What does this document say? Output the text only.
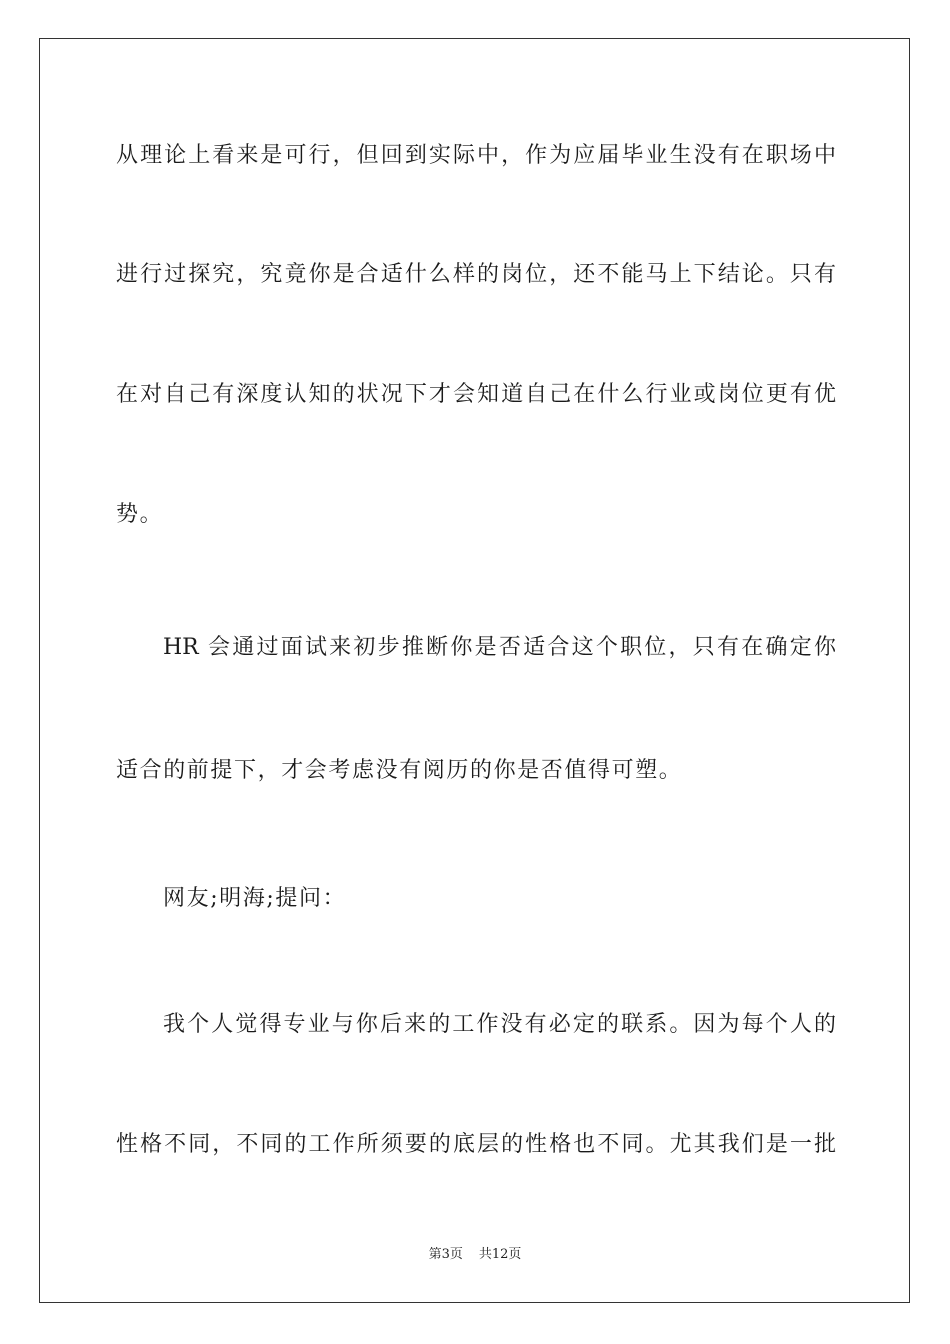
从理论上看来是可行，但回到实际中，作为应届毕业生没有在职场中
进行过探究，究竟你是合适什么样的岗位，还不能马上下结论。只有
在对自己有深度认知的状况下才会知道自己在什么行业或岗位更有优
势。
HR 会通过面试来初步推断你是否适合这个职位，只有在确定你
适合的前提下，才会考虑没有阅历的你是否值得可塑。
网友;明海;提问：
我个人觉得专业与你后来的工作没有必定的联系。因为每个人的
性格不同，不同的工作所须要的底层的性格也不同。尤其我们是一批
第3页 共12页
